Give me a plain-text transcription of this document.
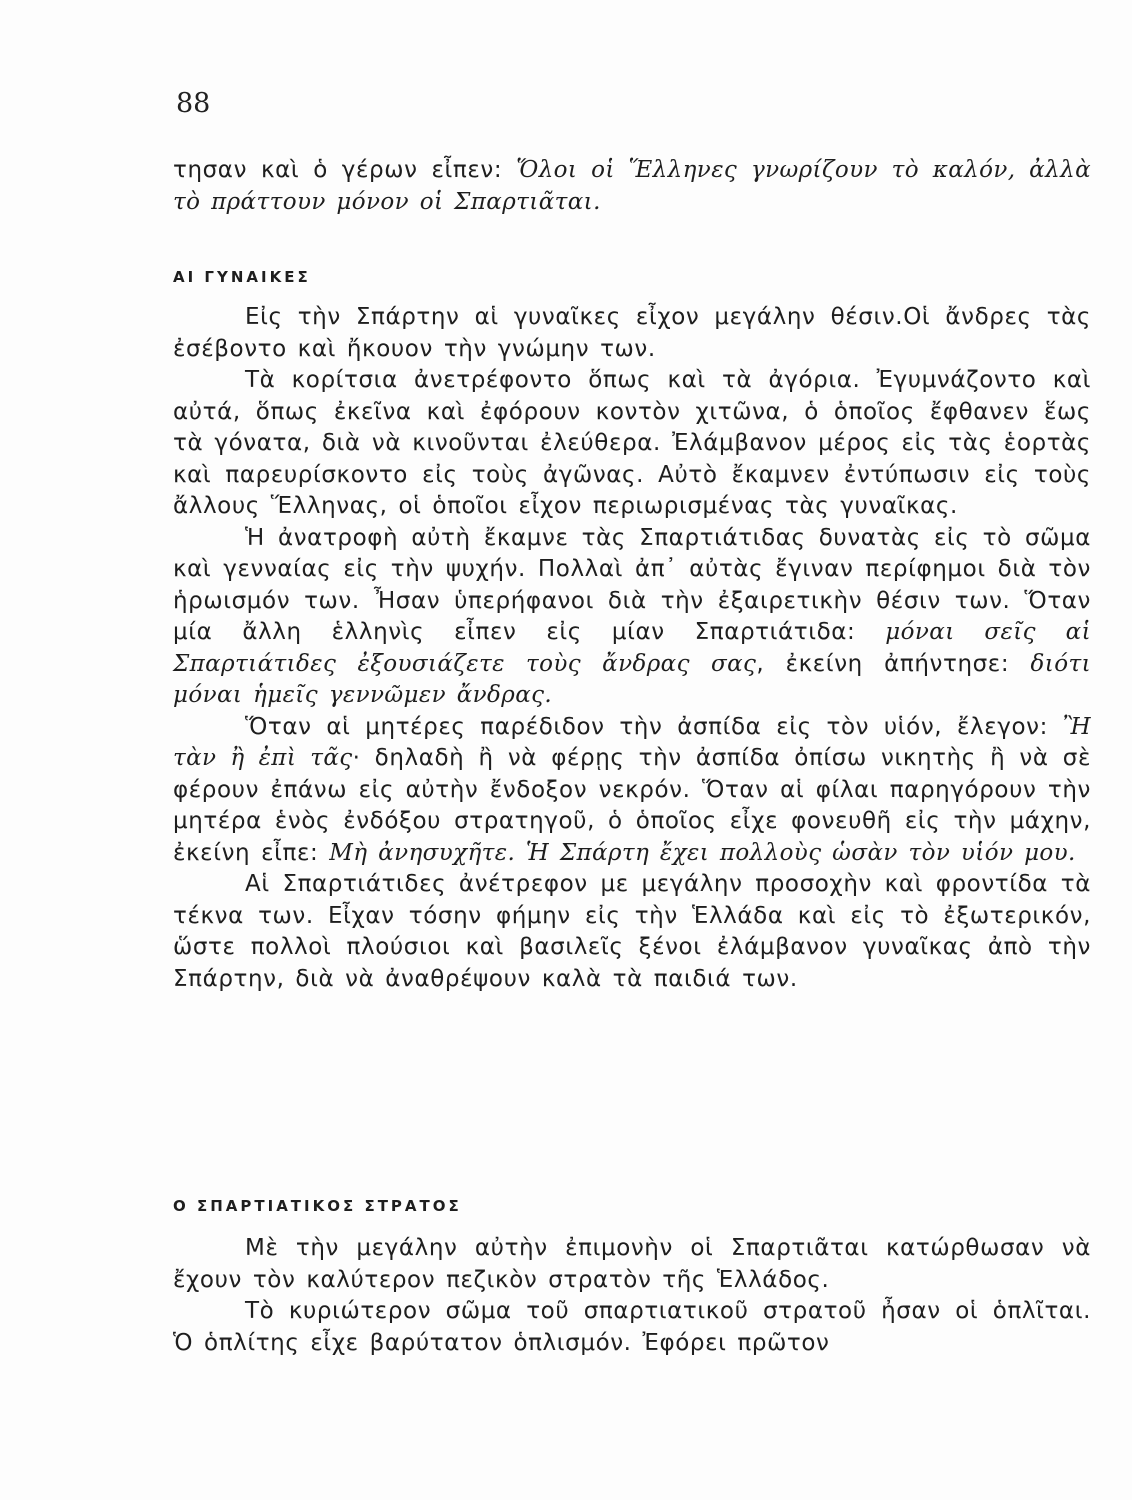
88

τησαν καὶ ὁ γέρων εἶπεν: Ὅλοι οἱ Ἕλληνες γνωρίζουν τὸ καλόν, ἀλλὰ τὸ πράττουν μόνον οἱ Σπαρτιᾶται.

ΑΙ ΓΥΝΑΙΚΕΣ

Εἰς τὴν Σπάρτην αἱ γυναῖκες εἶχον μεγάλην θέσιν.Οἱ ἄνδρες τὰς ἐσέβοντο καὶ ἤκουον τὴν γνώμην των.

Τὰ κορίτσια ἀνετρέφοντο ὅπως καὶ τὰ ἀγόρια. Ἐγυμνάζοντο καὶ αὐτά, ὅπως ἐκεῖνα καὶ ἐφόρουν κοντὸν χιτῶνα, ὁ ὁποῖος ἔφθανεν ἕως τὰ γόνατα, διὰ νὰ κινοῦνται ἐλεύθερα. Ἐλάμβανον μέρος εἰς τὰς ἑορτὰς καὶ παρευρίσκοντο εἰς τοὺς ἀγῶνας. Αὐτὸ ἔκαμνεν ἐντύπωσιν εἰς τοὺς ἄλλους Ἕλληνας, οἱ ὁποῖοι εἶχον περιωρισμένας τὰς γυναῖκας.

Ἡ ἀνατροφὴ αὐτὴ ἔκαμνε τὰς Σπαρτιάτιδας δυνατὰς εἰς τὸ σῶμα καὶ γενναίας εἰς τὴν ψυχήν. Πολλαὶ ἀπ᾽ αὐτὰς ἔγιναν περίφημοι διὰ τὸν ἡρωισμόν των. Ἦσαν ὑπερήφανοι διὰ τὴν ἐξαιρετικὴν θέσιν των. Ὅταν μία ἄλλη ἑλληνὶς εἶπεν εἰς μίαν Σπαρτιάτιδα: μόναι σεῖς αἱ Σπαρτιάτιδες ἐξουσιάζετε τοὺς ἄνδρας σας, ἐκείνη ἀπήντησε: διότι μόναι ἡμεῖς γεννῶμεν ἄνδρας.

Ὅταν αἱ μητέρες παρέδιδον τὴν ἀσπίδα εἰς τὸν υἱόν, ἔλεγον: Ἢ τὰν ἢ ἐπὶ τᾶς· δηλαδὴ ἢ νὰ φέρῃς τὴν ἀσπίδα ὀπίσω νικητὴς ἢ νὰ σὲ φέρουν ἐπάνω εἰς αὐτὴν ἔνδοξον νεκρόν. Ὅταν αἱ φίλαι παρηγόρουν τὴν μητέρα ἑνὸς ἐνδόξου στρατηγοῦ, ὁ ὁποῖος εἶχε φονευθῆ εἰς τὴν μάχην, ἐκείνη εἶπε: Μὴ ἀνησυχῆτε. Ἡ Σπάρτη ἔχει πολλοὺς ὡσὰν τὸν υἱόν μου.

Αἱ Σπαρτιάτιδες ἀνέτρεφον με μεγάλην προσοχὴν καὶ φροντίδα τὰ τέκνα των. Εἶχαν τόσην φήμην εἰς τὴν Ἑλλάδα καὶ εἰς τὸ ἐξωτερικόν, ὥστε πολλοὶ πλούσιοι καὶ βασιλεῖς ξένοι ἐλάμβανον γυναῖκας ἀπὸ τὴν Σπάρτην, διὰ νὰ ἀναθρέψουν καλὰ τὰ παιδιά των.

Ο ΣΠΑΡΤΙΑΤΙΚΟΣ ΣΤΡΑΤΟΣ

Μὲ τὴν μεγάλην αὐτὴν ἐπιμονὴν οἱ Σπαρτιᾶται κατώρθωσαν νὰ ἔχουν τὸν καλύτερον πεζικὸν στρατὸν τῆς Ἑλλάδος.

Τὸ κυριώτερον σῶμα τοῦ σπαρτιατικοῦ στρατοῦ ἦσαν οἱ ὁπλῖται. Ὁ ὁπλίτης εἶχε βαρύτατον ὁπλισμόν. Ἐφόρει πρῶτον
